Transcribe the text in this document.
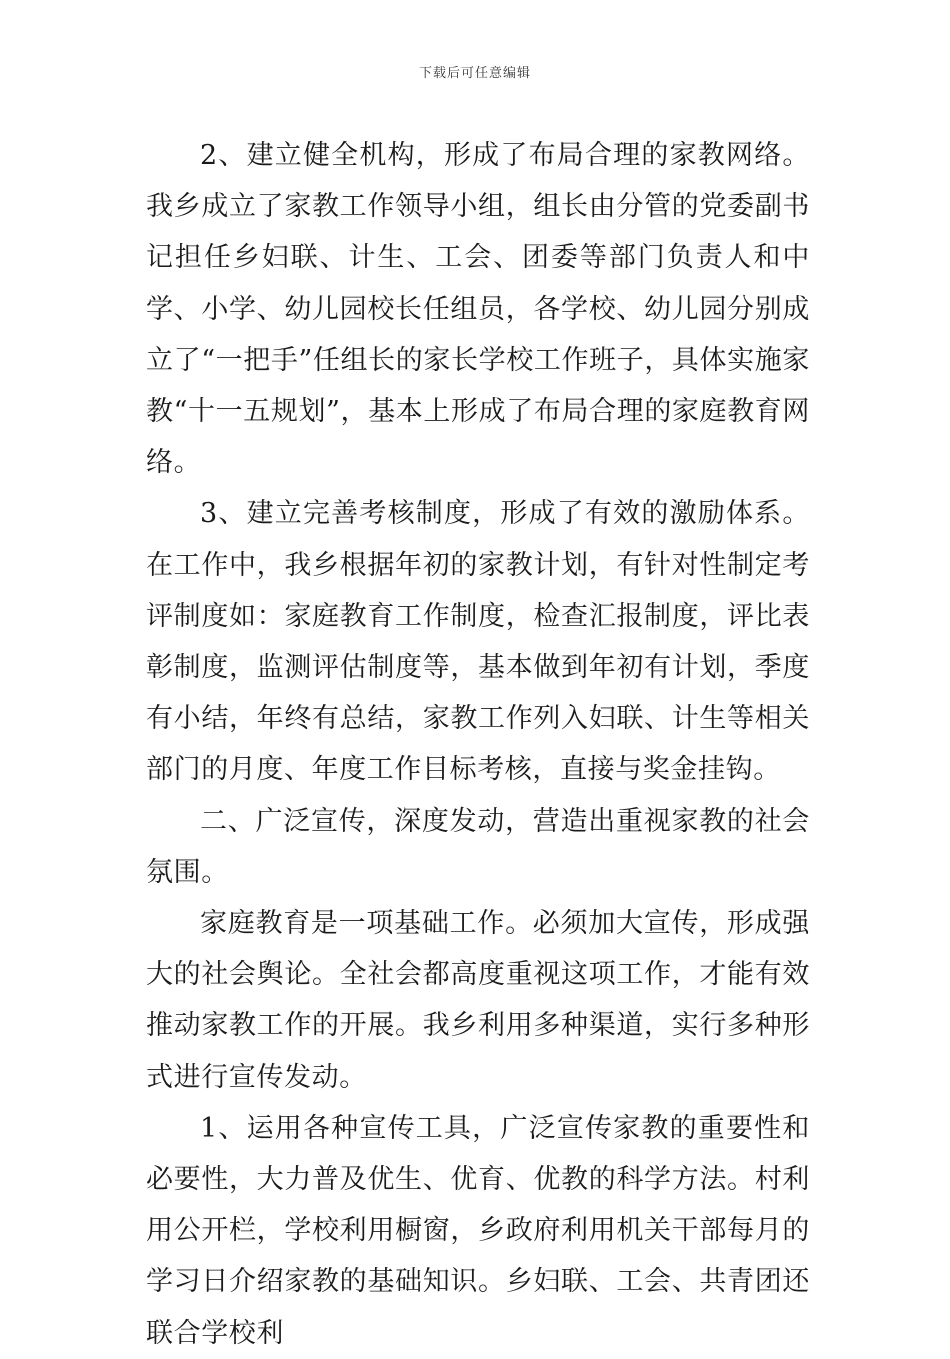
下载后可任意编辑

2、建立健全机构，形成了布局合理的家教网络。我乡成立了家教工作领导小组，组长由分管的党委副书记担任乡妇联、计生、工会、团委等部门负责人和中学、小学、幼儿园校长任组员，各学校、幼儿园分别成立了“一把手”任组长的家长学校工作班子，具体实施家教“十一五规划”，基本上形成了布局合理的家庭教育网络。

3、建立完善考核制度，形成了有效的激励体系。在工作中，我乡根据年初的家教计划，有针对性制定考评制度如：家庭教育工作制度，检查汇报制度，评比表彰制度，监测评估制度等，基本做到年初有计划，季度有小结，年终有总结，家教工作列入妇联、计生等相关部门的月度、年度工作目标考核，直接与奖金挂钩。

二、广泛宣传，深度发动，营造出重视家教的社会氛围。

家庭教育是一项基础工作。必须加大宣传，形成强大的社会舆论。全社会都高度重视这项工作，才能有效推动家教工作的开展。我乡利用多种渠道，实行多种形式进行宣传发动。

1、运用各种宣传工具，广泛宣传家教的重要性和必要性，大力普及优生、优育、优教的科学方法。村利用公开栏，学校利用橱窗，乡政府利用机关干部每月的学习日介绍家教的基础知识。乡妇联、工会、共青团还联合学校利
